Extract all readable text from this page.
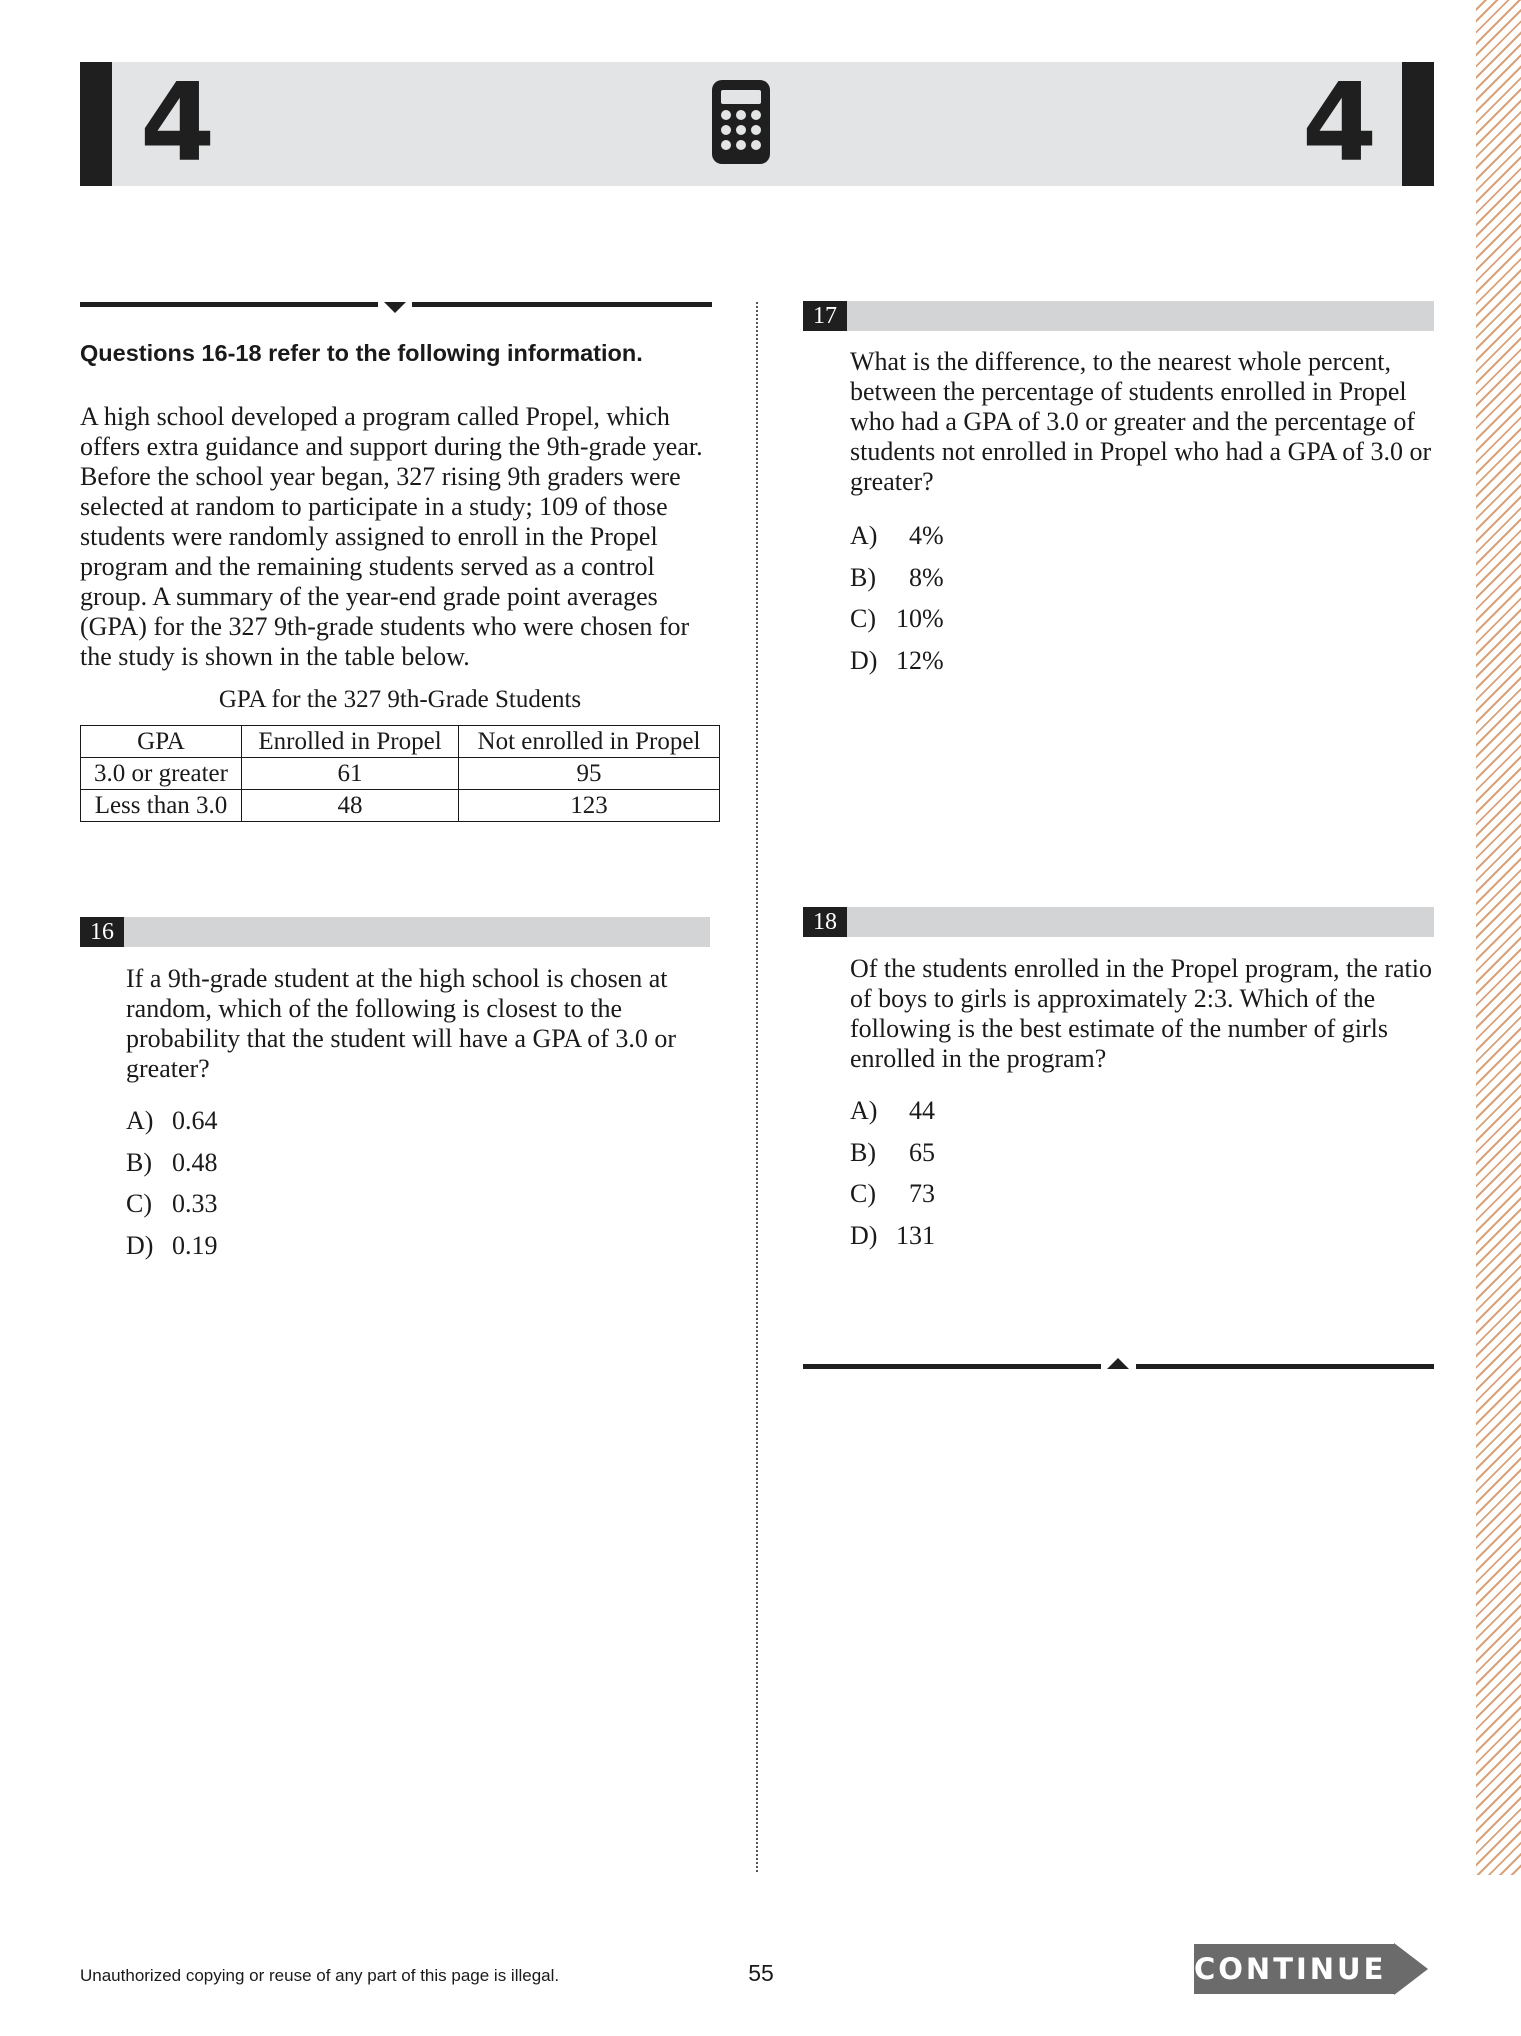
4	4
Questions 16-18 refer to the following information.

A high school developed a program called Propel, which offers extra guidance and support during the 9th-grade year. Before the school year began, 327 rising 9th graders were selected at random to participate in a study; 109 of those students were randomly assigned to enroll in the Propel program and the remaining students served as a control group. A summary of the year-end grade point averages (GPA) for the 327 9th-grade students who were chosen for the study is shown in the table below.

GPA for the 327 9th-Grade Students
GPA	Enrolled in Propel	Not enrolled in Propel
3.0 or greater	61	95
Less than 3.0	48	123
16

If a 9th-grade student at the high school is chosen at random, which of the following is closest to the probability that the student will have a GPA of 3.0 or greater?

A) 0.64
B) 0.48
C) 0.33
D) 0.19
17

What is the difference, to the nearest whole percent, between the percentage of students enrolled in Propel who had a GPA of 3.0 or greater and the percentage of students not enrolled in Propel who had a GPA of 3.0 or greater?

A) 4%
B) 8%
C) 10%
D) 12%
18

Of the students enrolled in the Propel program, the ratio of boys to girls is approximately 2:3. Which of the following is the best estimate of the number of girls enrolled in the program?

A) 44
B) 65
C) 73
D) 131
Unauthorized copying or reuse of any part of this page is illegal.	55	CONTINUE
